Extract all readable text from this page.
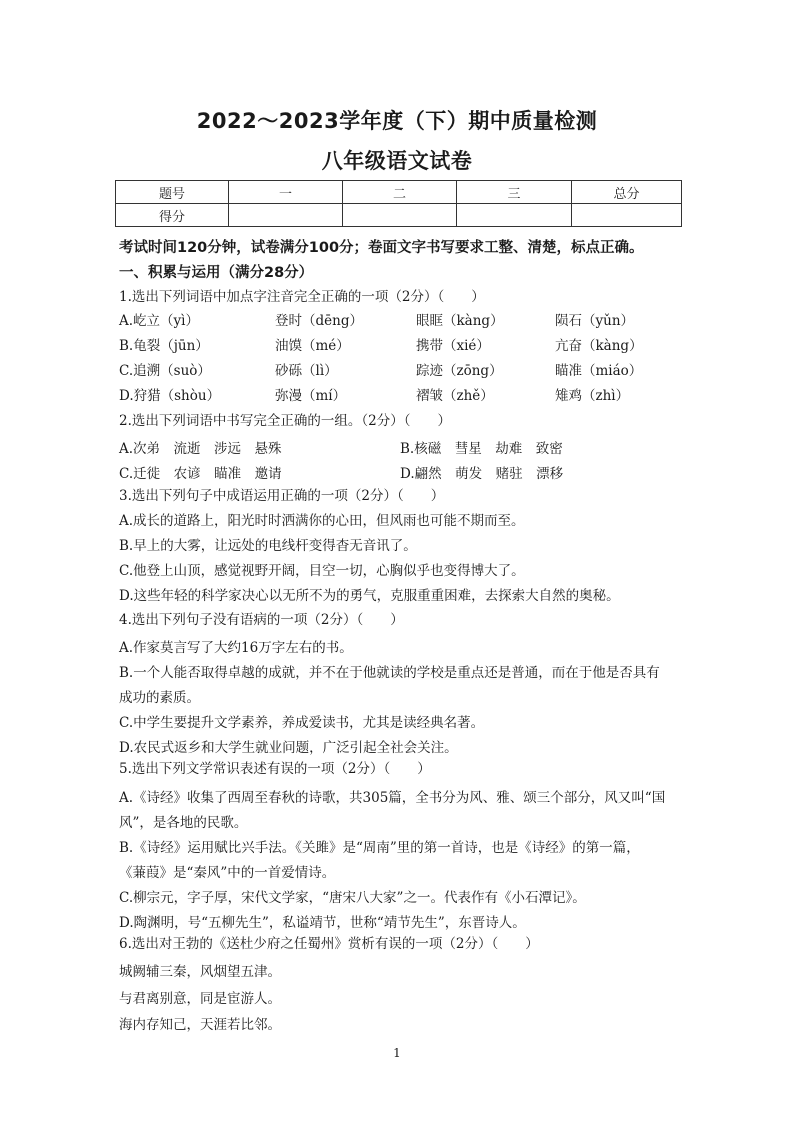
2022～2023学年度（下）期中质量检测
八年级语文试卷
题号	一	二	三	总分
得分				
考试时间120分钟，试卷满分100分；卷面文字书写要求工整、清楚，标点正确。
一、积累与运用（满分28分）
1.选出下列词语中加点字注音完全正确的一项（2分）（　　）
A.屹立（yì）	登时（dēng）	眼眶（kàng）	陨石（yǔn）
B.龟裂（jūn）	油馍（mé）	携带（xié）	亢奋（kàng）
C.追溯（suò）	砂砾（lì）	踪迹（zōng）	瞄准（miáo）
D.狩猎（shòu）	弥漫（mí）	褶皱（zhě）	雉鸡（zhì）
2.选出下列词语中书写完全正确的一组。（2分）（　　）
A.次弟　流逝　涉远　悬殊	B.核磁　彗星　劫难　致密
C.迁徙　农谚　瞄准　邀请	D.翩然　萌发　赌驻　漂移
3.选出下列句子中成语运用正确的一项（2分）（　　）
A.成长的道路上，阳光时时洒满你的心田，但风雨也可能不期而至。
B.早上的大雾，让远处的电线杆变得杳无音讯了。
C.他登上山顶，感觉视野开阔，目空一切，心胸似乎也变得博大了。
D.这些年轻的科学家决心以无所不为的勇气，克服重重困难，去探索大自然的奥秘。
4.选出下列句子没有语病的一项（2分）（　　）
A.作家莫言写了大约16万字左右的书。
B.一个人能否取得卓越的成就，并不在于他就读的学校是重点还是普通，而在于他是否具有
成功的素质。
C.中学生要提升文学素养，养成爱读书，尤其是读经典名著。
D.农民式返乡和大学生就业问题，广泛引起全社会关注。
5.选出下列文学常识表述有误的一项（2分）（　　）
A.《诗经》收集了西周至春秋的诗歌，共305篇，全书分为风、雅、颂三个部分，风又叫“国
风”，是各地的民歌。
B.《诗经》运用赋比兴手法。《关雎》是“周南”里的第一首诗，也是《诗经》的第一篇，
《蒹葭》是“秦风”中的一首爱情诗。
C.柳宗元，字子厚，宋代文学家，“唐宋八大家”之一。代表作有《小石潭记》。
D.陶渊明，号“五柳先生”，私谥靖节，世称“靖节先生”，东晋诗人。
6.选出对王勃的《送杜少府之任蜀州》赏析有误的一项（2分）（　　）
城阙辅三秦，风烟望五津。
与君离别意，同是宦游人。
海内存知己，天涯若比邻。
1
